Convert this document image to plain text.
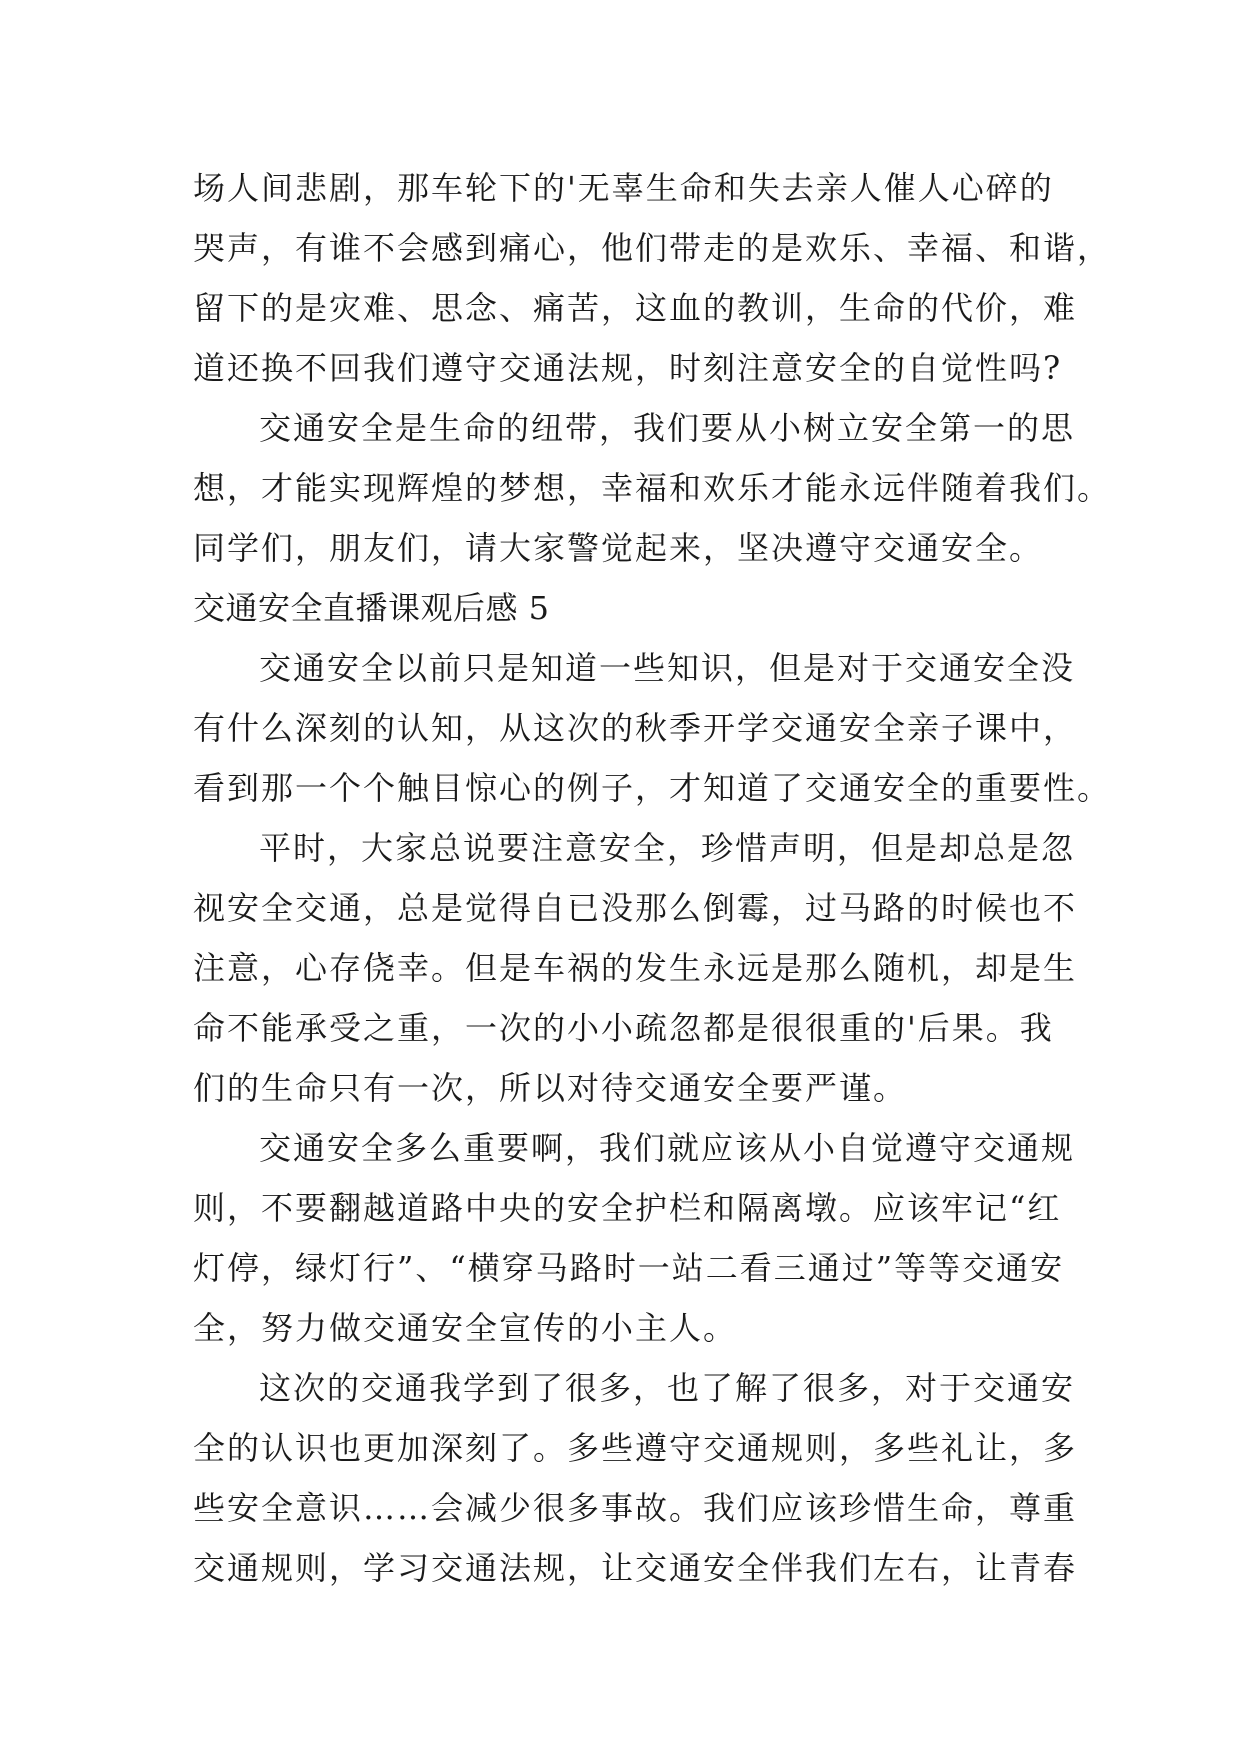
场人间悲剧，那车轮下的'无辜生命和失去亲人催人心碎的
哭声，有谁不会感到痛心，他们带走的是欢乐、幸福、和谐，
留下的是灾难、思念、痛苦，这血的教训，生命的代价，难
道还换不回我们遵守交通法规，时刻注意安全的自觉性吗?
交通安全是生命的纽带，我们要从小树立安全第一的思
想，才能实现辉煌的梦想，幸福和欢乐才能永远伴随着我们。
同学们，朋友们，请大家警觉起来，坚决遵守交通安全。
交通安全直播课观后感 5
交通安全以前只是知道一些知识，但是对于交通安全没
有什么深刻的认知，从这次的秋季开学交通安全亲子课中，
看到那一个个触目惊心的例子，才知道了交通安全的重要性。
平时，大家总说要注意安全，珍惜声明，但是却总是忽
视安全交通，总是觉得自已没那么倒霉，过马路的时候也不
注意，心存侥幸。但是车祸的发生永远是那么随机，却是生
命不能承受之重，一次的小小疏忽都是很很重的'后果。我
们的生命只有一次，所以对待交通安全要严谨。
交通安全多么重要啊，我们就应该从小自觉遵守交通规
则，不要翻越道路中央的安全护栏和隔离墩。应该牢记“红
灯停，绿灯行”、“横穿马路时一站二看三通过”等等交通安
全，努力做交通安全宣传的小主人。
这次的交通我学到了很多，也了解了很多，对于交通安
全的认识也更加深刻了。多些遵守交通规则，多些礼让，多
些安全意识……会减少很多事故。我们应该珍惜生命，尊重
交通规则，学习交通法规，让交通安全伴我们左右，让青春
